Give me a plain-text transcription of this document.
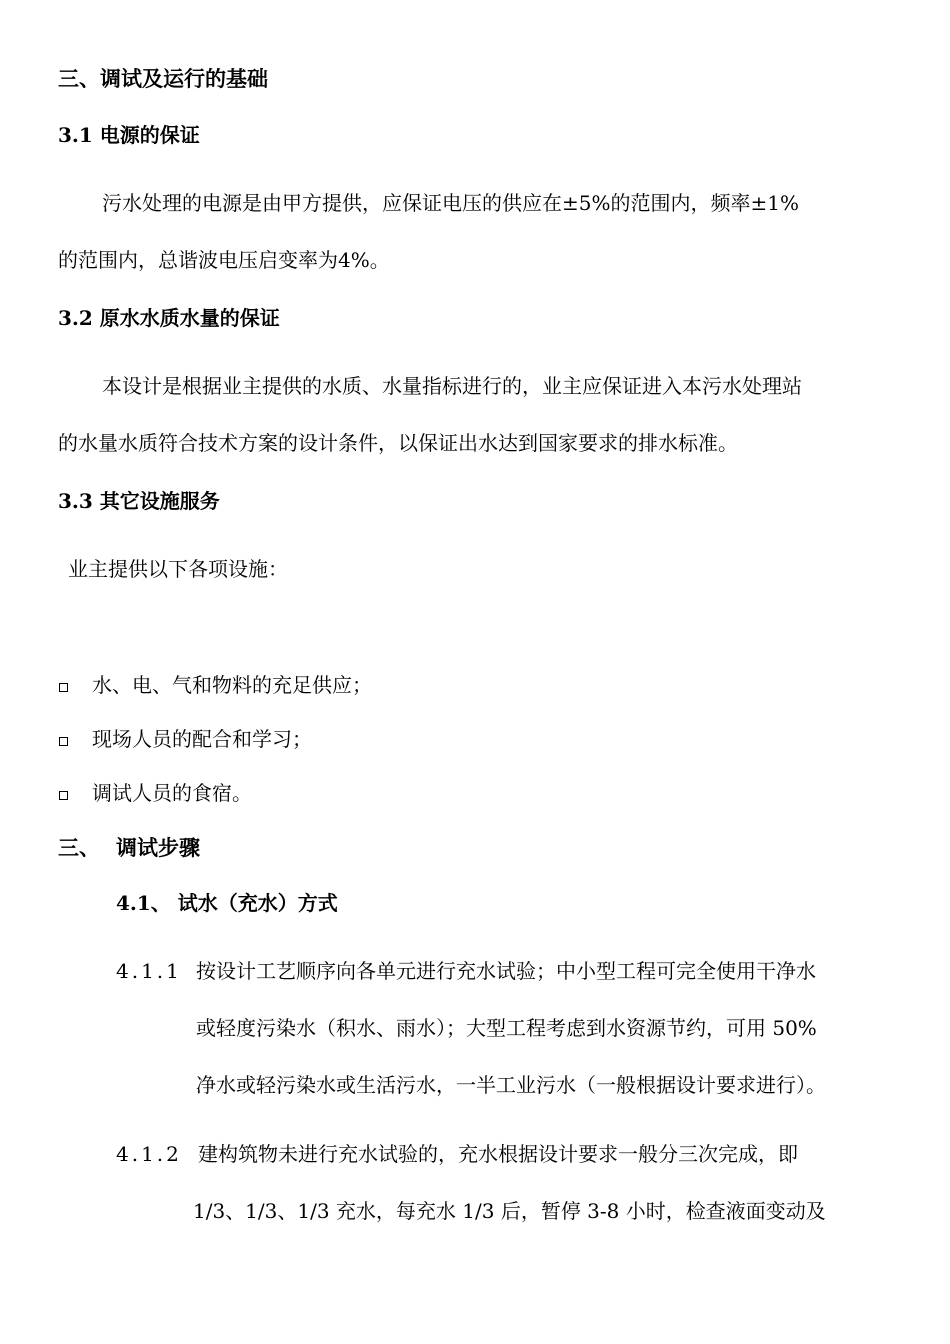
三、调试及运行的基础
3.1 电源的保证
污水处理的电源是由甲方提供，应保证电压的供应在±5%的范围内，频率±1%
的范围内，总谐波电压启变率为4%。
3.2 原水水质水量的保证
本设计是根据业主提供的水质、水量指标进行的，业主应保证进入本污水处理站
的水量水质符合技术方案的设计条件，以保证出水达到国家要求的排水标准。
3.3 其它设施服务
业主提供以下各项设施：
水、电、气和物料的充足供应；
现场人员的配合和学习；
调试人员的食宿。
三、 调试步骤
4.1、 试水（充水）方式
4.1.1 按设计工艺顺序向各单元进行充水试验；中小型工程可完全使用干净水
或轻度污染水（积水、雨水）；大型工程考虑到水资源节约，可用 50%
净水或轻污染水或生活污水，一半工业污水（一般根据设计要求进行）。
4.1.2 建构筑物未进行充水试验的，充水根据设计要求一般分三次完成，即
1/3、1/3、1/3 充水，每充水 1/3 后，暂停 3-8 小时，检查液面变动及
